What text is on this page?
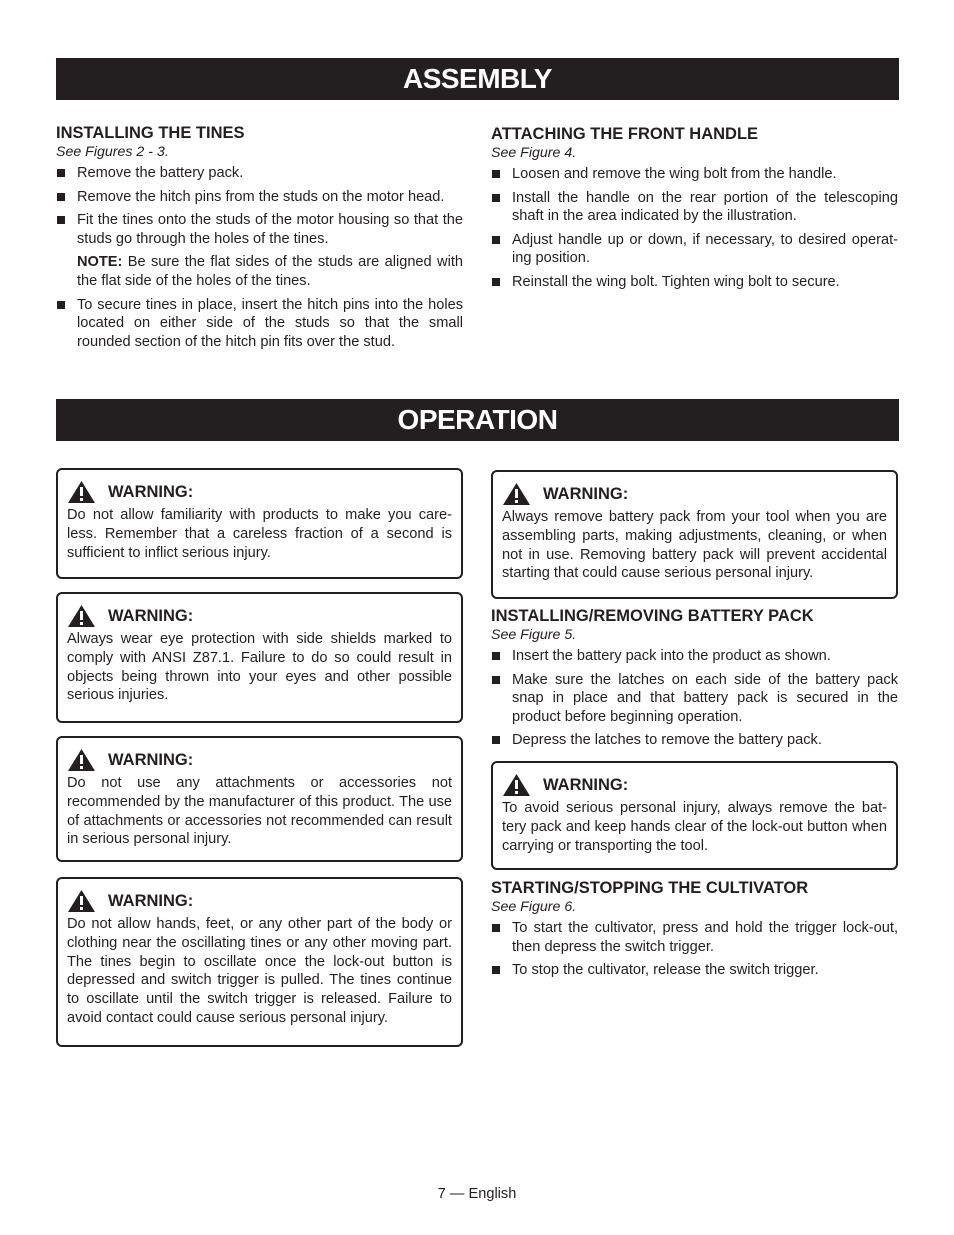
ASSEMBLY
INSTALLING THE TINES

See Figures 2 - 3.

Remove the battery pack.
Remove the hitch pins from the studs on the motor head.
Fit the tines onto the studs of the motor housing so that the studs go through the holes of the tines.

NOTE: Be sure the flat sides of the studs are aligned with the flat side of the holes of the tines.

To secure tines in place, insert the hitch pins into the holes located on either side of the studs so that the small rounded section of the hitch pin fits over the stud.
ATTACHING THE FRONT HANDLE

See Figure 4.

Loosen and remove the wing bolt from the handle.
Install the handle on the rear portion of the telescoping shaft in the area indicated by the illustration.
Adjust handle up or down, if necessary, to desired operat-ing position.
Reinstall the wing bolt. Tighten wing bolt to secure.
OPERATION
WARNING:
Do not allow familiarity with products to make you care-less. Remember that a careless fraction of a second is sufficient to inflict serious injury.
WARNING:
Always wear eye protection with side shields marked to comply with ANSI Z87.1. Failure to do so could result in objects being thrown into your eyes and other possible serious injuries.
WARNING:
Do not use any attachments or accessories not recommended by the manufacturer of this product. The use of attachments or accessories not recommended can result in serious personal injury.
WARNING:
Do not allow hands, feet, or any other part of the body or clothing near the oscillating tines or any other moving part. The tines begin to oscillate once the lock-out button is depressed and switch trigger is pulled. The tines continue to oscillate until the switch trigger is released. Failure to avoid contact could cause serious personal injury.
WARNING:
Always remove battery pack from your tool when you are assembling parts, making adjustments, cleaning, or when not in use. Removing battery pack will prevent accidental starting that could cause serious personal injury.
INSTALLING/REMOVING BATTERY PACK

See Figure 5.

Insert the battery pack into the product as shown.
Make sure the latches on each side of the battery pack snap in place and that battery pack is secured in the product before beginning operation.
Depress the latches to remove the battery pack.
WARNING:
To avoid serious personal injury, always remove the bat-tery pack and keep hands clear of the lock-out button when carrying or transporting the tool.
STARTING/STOPPING THE CULTIVATOR

See Figure 6.

To start the cultivator, press and hold the trigger lock-out, then depress the switch trigger.
To stop the cultivator, release the switch trigger.
7 — English
